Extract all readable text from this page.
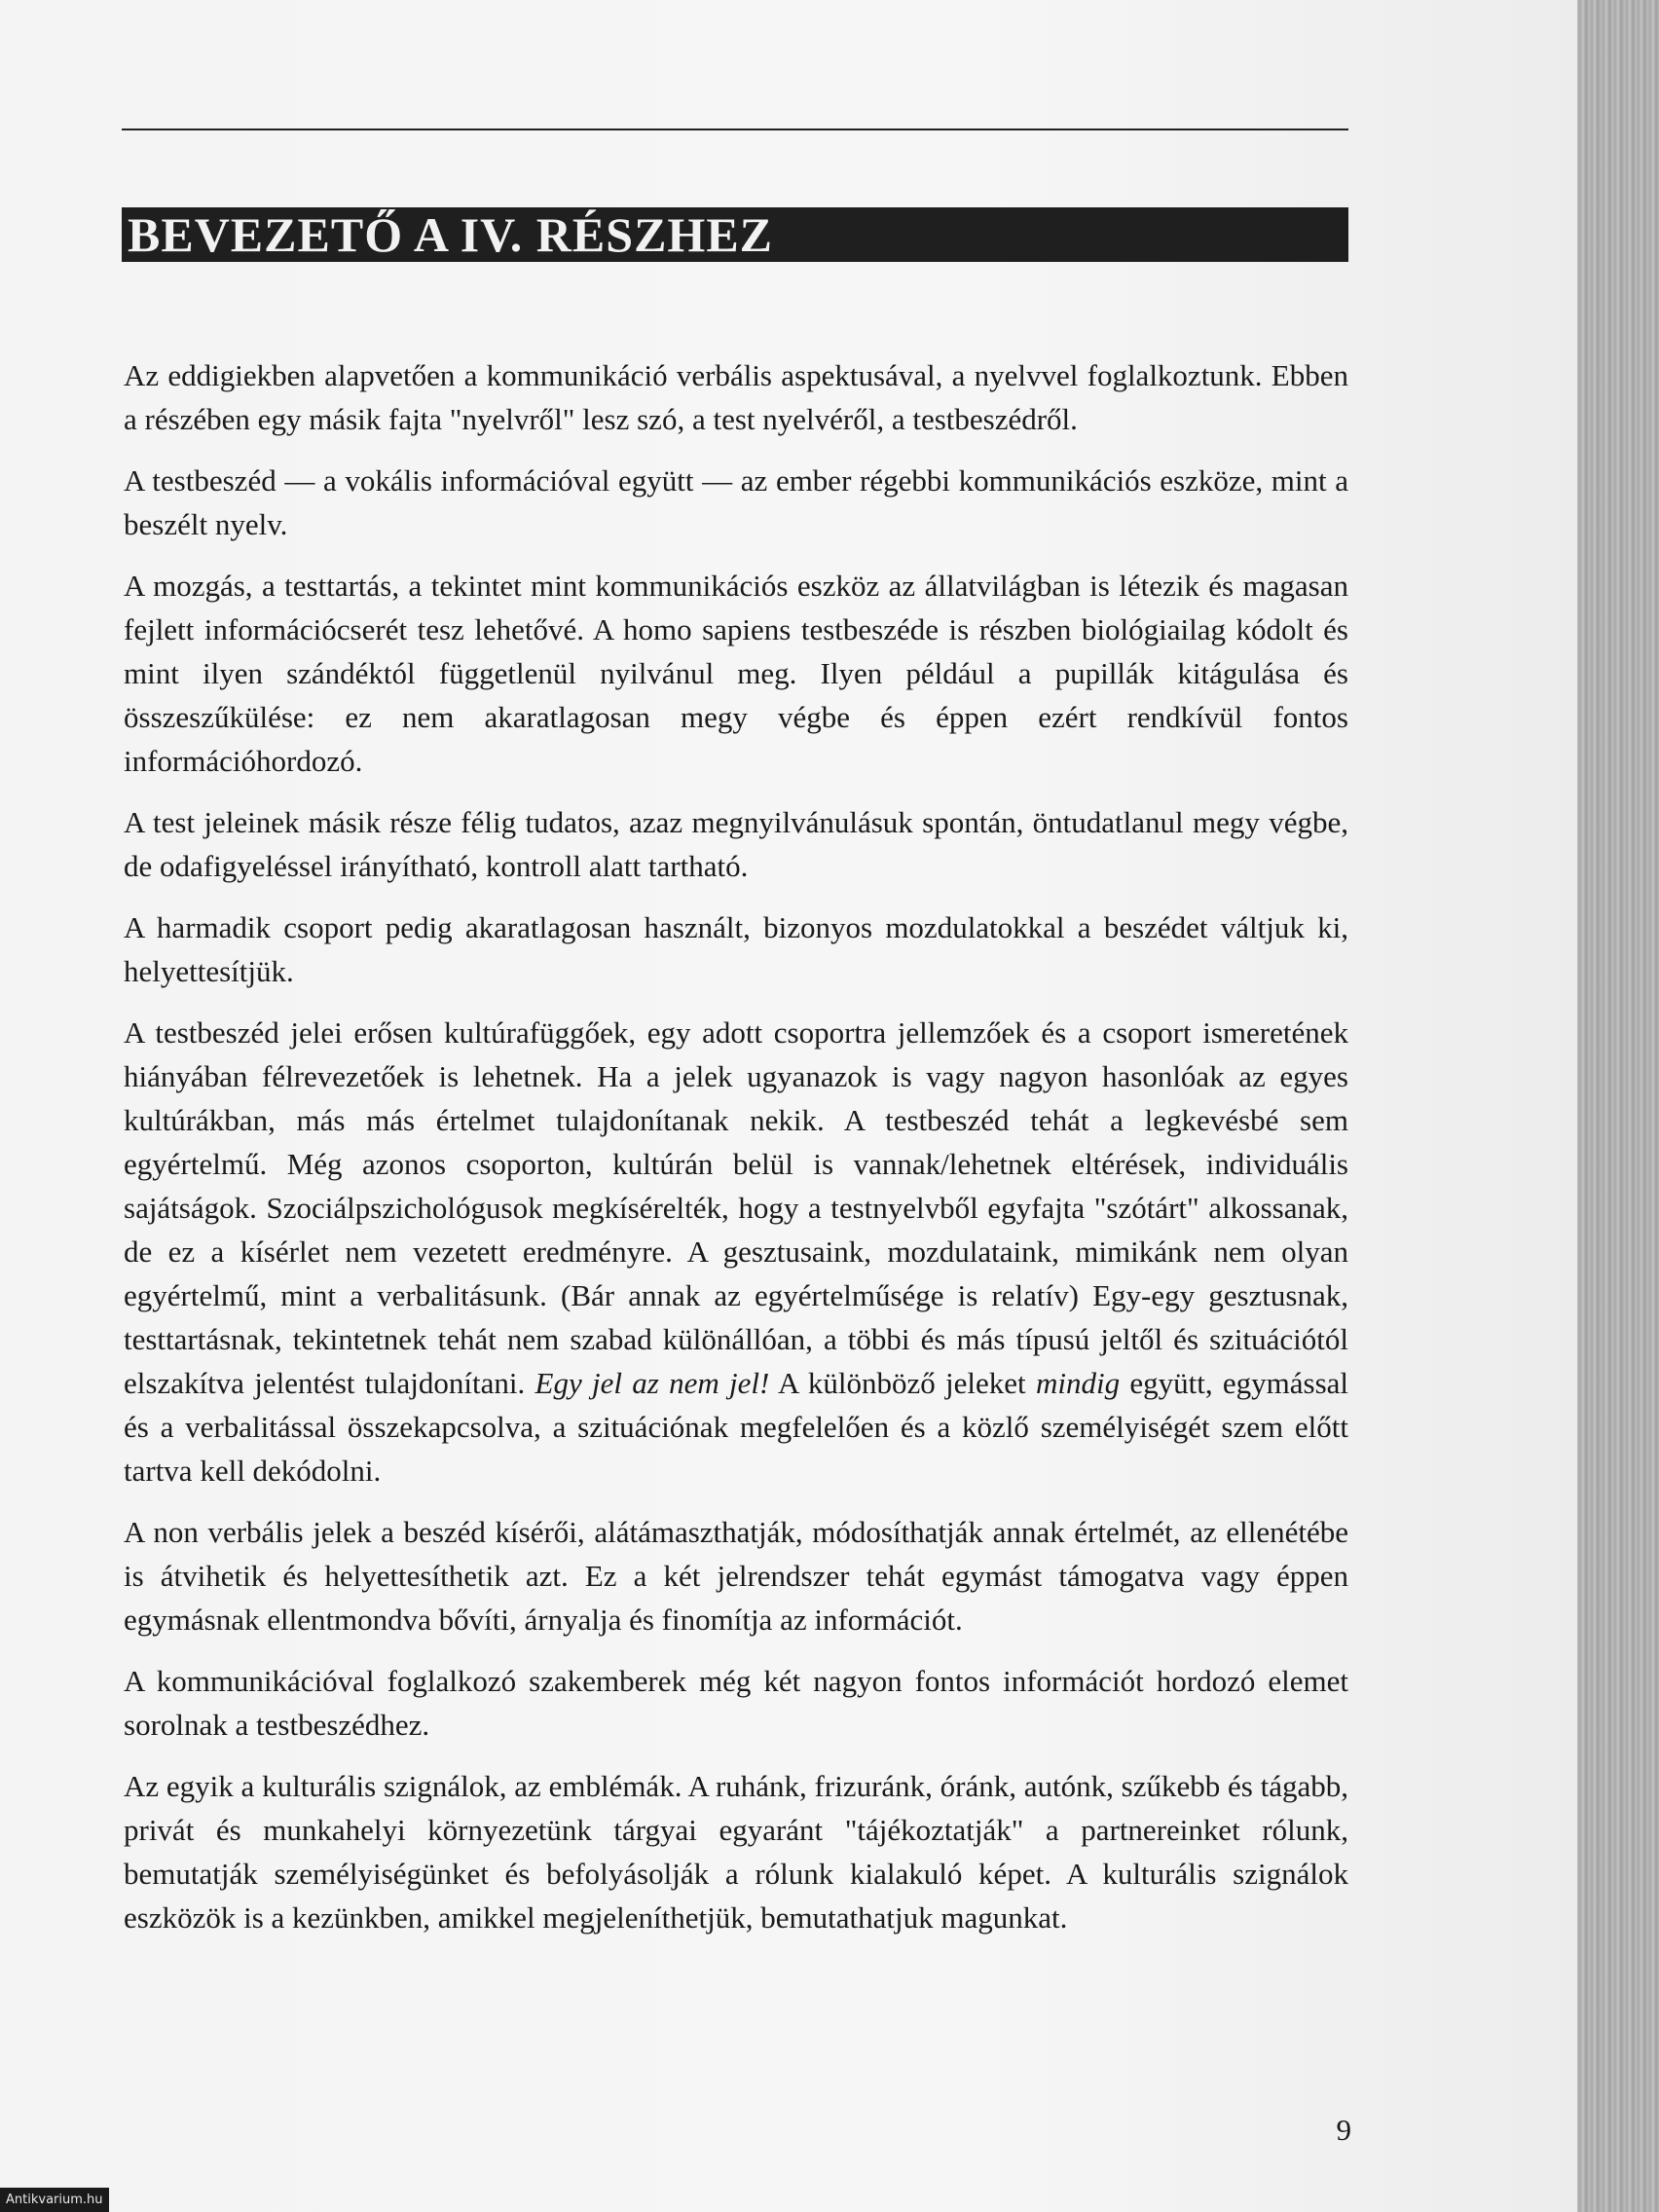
BEVEZETŐ A IV. RÉSZHEZ

Az eddigiekben alapvetően a kommunikáció verbális aspektusával, a nyelvvel foglalkoztunk. Ebben a részében egy másik fajta "nyelvről" lesz szó, a test nyelvéről, a testbeszédről.

A testbeszéd — a vokális információval együtt — az ember régebbi kommunikációs eszköze, mint a beszélt nyelv.

A mozgás, a testtartás, a tekintet mint kommunikációs eszköz az állatvilágban is létezik és magasan fejlett információcserét tesz lehetővé. A homo sapiens testbeszéde is részben biológiailag kódolt és mint ilyen szándéktól függetlenül nyilvánul meg. Ilyen például a pupillák kitágulása és összeszűkülése: ez nem akaratlagosan megy végbe és éppen ezért rendkívül fontos információhordozó.

A test jeleinek másik része félig tudatos, azaz megnyilvánulásuk spontán, öntudatlanul megy végbe, de odafigyeléssel irányítható, kontroll alatt tartható.

A harmadik csoport pedig akaratlagosan használt, bizonyos mozdulatokkal a beszédet váltjuk ki, helyettesítjük.

A testbeszéd jelei erősen kultúrafüggőek, egy adott csoportra jellemzőek és a csoport ismeretének hiányában félrevezetőek is lehetnek. Ha a jelek ugyanazok is vagy nagyon hasonlóak az egyes kultúrákban, más más értelmet tulajdonítanak nekik. A testbeszéd tehát a legkevésbé sem egyértelmű. Még azonos csoporton, kultúrán belül is vannak/lehetnek eltérések, individuális sajátságok. Szociálpszichológusok megkísérelték, hogy a testnyelvből egyfajta "szótárt" alkossanak, de ez a kísérlet nem vezetett eredményre. A gesztusaink, mozdulataink, mimikánk nem olyan egyértelmű, mint a verbalitásunk. (Bár annak az egyértelműsége is relatív) Egy-egy gesztusnak, testtartásnak, tekintetnek tehát nem szabad különállóan, a többi és más típusú jeltől és szituációtól elszakítva jelentést tulajdonítani. Egy jel az nem jel! A különböző jeleket mindig együtt, egymással és a verbalitással összekapcsolva, a szituációnak megfelelően és a közlő személyiségét szem előtt tartva kell dekódolni.

A non verbális jelek a beszéd kísérői, alátámaszthatják, módosíthatják annak értelmét, az ellenétébe is átvihetik és helyettesíthetik azt. Ez a két jelrendszer tehát egymást támogatva vagy éppen egymásnak ellentmondva bővíti, árnyalja és finomítja az információt.

A kommunikációval foglalkozó szakemberek még két nagyon fontos információt hordozó elemet sorolnak a testbeszédhez.

Az egyik a kulturális szignálok, az emblémák. A ruhánk, frizuránk, óránk, autónk, szűkebb és tágabb, privát és munkahelyi környezetünk tárgyai egyaránt "tájékoztatják" a partnereinket rólunk, bemutatják személyiségünket és befolyásolják a rólunk kialakuló képet. A kulturális szignálok eszközök is a kezünkben, amikkel megjeleníthetjük, bemutathatjuk magunkat.

9
Antikvarium.hu
